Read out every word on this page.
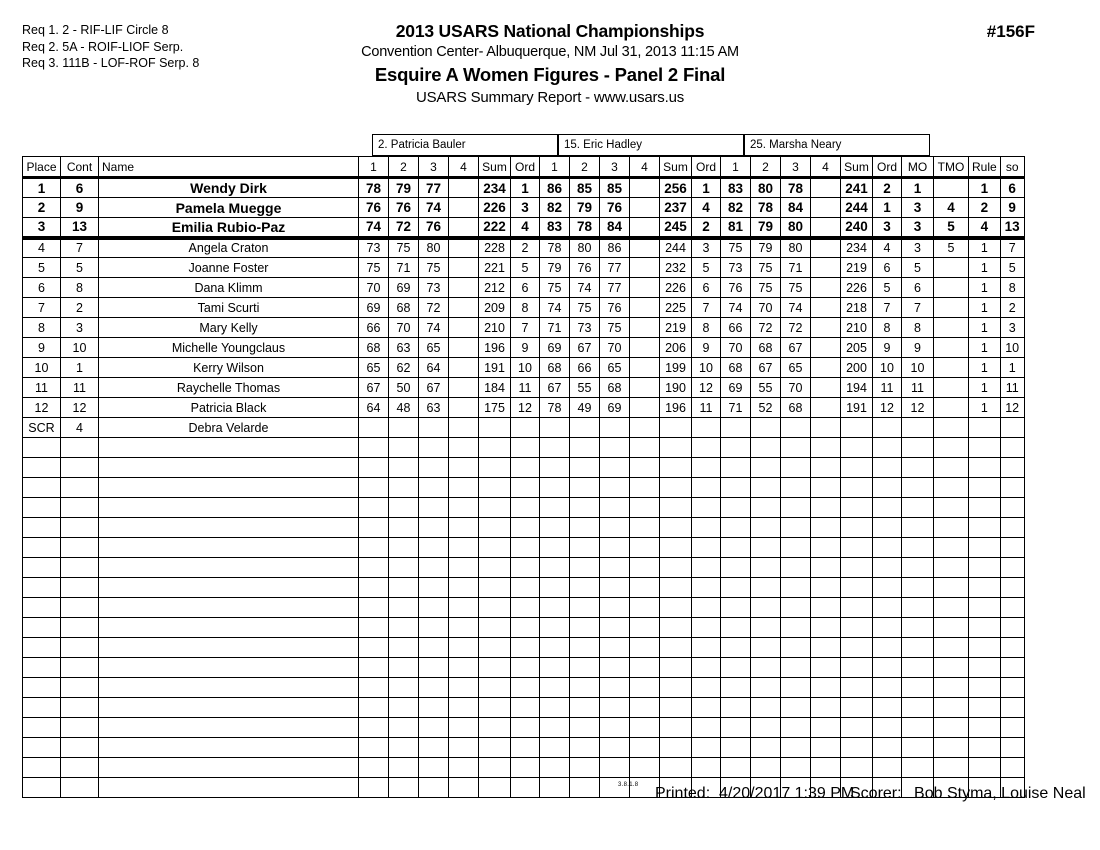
Req 1. 2 - RIF-LIF Circle 8
Req 2. 5A - ROIF-LIOF Serp.
Req 3. 111B - LOF-ROF Serp. 8
2013 USARS National Championships
Convention Center- Albuquerque, NM Jul 31, 2013 11:15 AM
Esquire A Women Figures - Panel 2 Final
USARS Summary Report - www.usars.us
#156F
2. Patricia Bauler	15. Eric Hadley	25. Marsha Neary
Place	Cont	Name	1	2	3	4	Sum	Ord	1	2	3	4	Sum	Ord	1	2	3	4	Sum	Ord	MO	TMO	Rule	so
1	6	Wendy Dirk	78	79	77		234	1	86	85	85		256	1	83	80	78		241	2	1		1	6
2	9	Pamela Muegge	76	76	74		226	3	82	79	76		237	4	82	78	84		244	1	3	4	2	9
3	13	Emilia Rubio-Paz	74	72	76		222	4	83	78	84		245	2	81	79	80		240	3	3	5	4	13
4	7	Angela Craton	73	75	80		228	2	78	80	86		244	3	75	79	80		234	4	3	5	1	7
5	5	Joanne Foster	75	71	75		221	5	79	76	77		232	5	73	75	71		219	6	5		1	5
6	8	Dana Klimm	70	69	73		212	6	75	74	77		226	6	76	75	75		226	5	6		1	8
7	2	Tami Scurti	69	68	72		209	8	74	75	76		225	7	74	70	74		218	7	7		1	2
8	3	Mary Kelly	66	70	74		210	7	71	73	75		219	8	66	72	72		210	8	8		1	3
9	10	Michelle Youngclaus	68	63	65		196	9	69	67	70		206	9	70	68	67		205	9	9		1	10
10	1	Kerry Wilson	65	62	64		191	10	68	66	65		199	10	68	67	65		200	10	10		1	1
11	11	Raychelle Thomas	67	50	67		184	11	67	55	68		190	12	69	55	70		194	11	11		1	11
12	12	Patricia Black	64	48	63		175	12	78	49	69		196	11	71	52	68		191	12	12		1	12
SCR	4	Debra Velarde																						

3.8.1.8 Printed: 4/20/2017 1:39 PM
Scorer: Bob Styma, Louise Neal
